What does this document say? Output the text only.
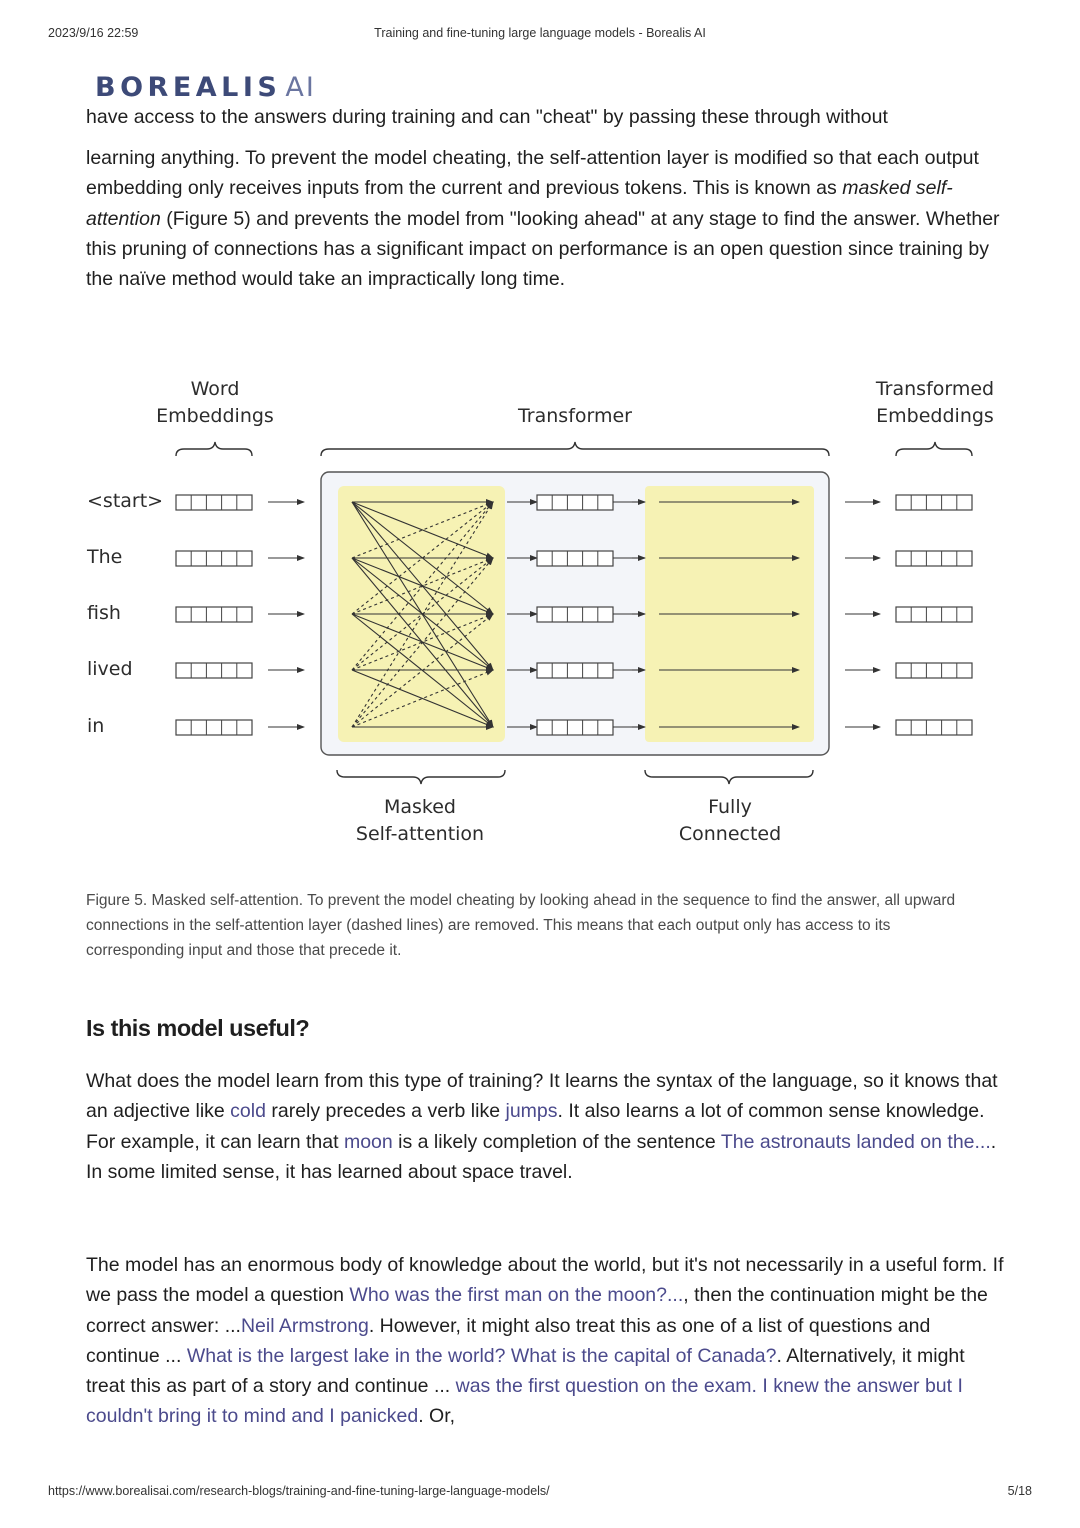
2023/9/16 22:59	Training and fine-tuning large language models - Borealis AI
BOREALIS AI
have access to the answers during training and can "cheat" by passing these through without
learning anything. To prevent the model cheating, the self-attention layer is modified so that each output embedding only receives inputs from the current and previous tokens. This is known as masked self-attention (Figure 5) and prevents the model from "looking ahead" at any stage to find the answer. Whether this pruning of connections has a significant impact on performance is an open question since training by the naïve method would take an impractically long time.
Word
Embeddings	Transformer
Transformed
Embeddings
Masked
Self-attention
Fully
Connected
<start>
The
fish
lived
in
Figure 5. Masked self-attention. To prevent the model cheating by looking ahead in the sequence to find the answer, all upward connections in the self-attention layer (dashed lines) are removed. This means that each output only has access to its corresponding input and those that precede it.
Is this model useful?
What does the model learn from this type of training? It learns the syntax of the language, so it knows that an adjective like cold rarely precedes a verb like jumps. It also learns a lot of common sense knowledge. For example, it can learn that moon is a likely completion of the sentence The astronauts landed on the.... In some limited sense, it has learned about space travel.
The model has an enormous body of knowledge about the world, but it's not necessarily in a useful form. If we pass the model a question Who was the first man on the moon?..., then the continuation might be the correct answer: ...Neil Armstrong. However, it might also treat this as one of a list of questions and continue ... What is the largest lake in the world? What is the capital of Canada?. Alternatively, it might treat this as part of a story and continue ... was the first question on the exam. I knew the answer but I couldn't bring it to mind and I panicked. Or,
https://www.borealisai.com/research-blogs/training-and-fine-tuning-large-language-models/	5/18
